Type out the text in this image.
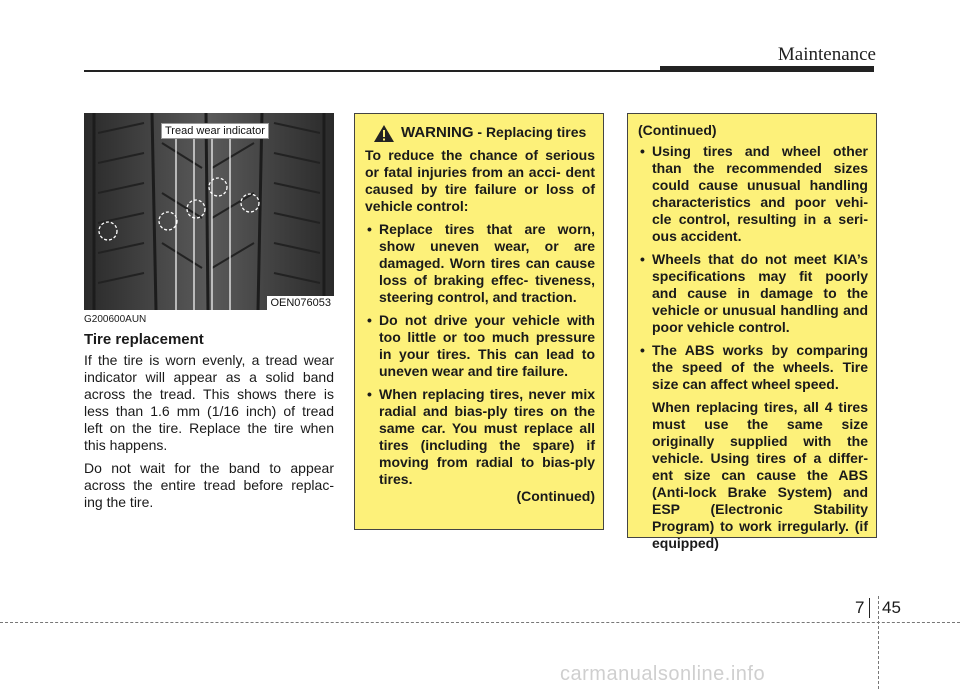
Maintenance
Tread wear indicator
OEN076053

G200600AUN

Tire replacement

If the tire is worn evenly, a tread wear indicator will appear as a solid band across the tread. This shows there is less than 1.6 mm (1/16 inch) of tread left on the tire. Replace the tire when this happens.

Do not wait for the band to appear across the entire tread before replac- ing the tire.

WARNING - Replacing tires

To reduce the chance of serious or fatal injuries from an acci- dent caused by tire failure or loss of vehicle control:

• Replace tires that are worn, show uneven wear, or are damaged. Worn tires can cause loss of braking effec- tiveness, steering control, and traction.
• Do not drive your vehicle with too little or too much pressure in your tires. This can lead to uneven wear and tire failure.
• When replacing tires, never mix radial and bias-ply tires on the same car. You must replace all tires (including the spare) if moving from radial to bias-ply tires.
(Continued)

(Continued)

• Using tires and wheel other than the recommended sizes could cause unusual handling characteristics and poor vehi- cle control, resulting in a seri- ous accident.
• Wheels that do not meet KIA’s specifications may fit poorly and cause in damage to the vehicle or unusual handling and poor vehicle control.
• The ABS works by comparing the speed of the wheels. Tire size can affect wheel speed.

When replacing tires, all 4 tires must use the same size originally supplied with the vehicle. Using tires of a differ- ent size can cause the ABS (Anti-lock Brake System) and ESP (Electronic Stability Program) to work irregularly. (if equipped)

7 45
carmanualsonline.info
